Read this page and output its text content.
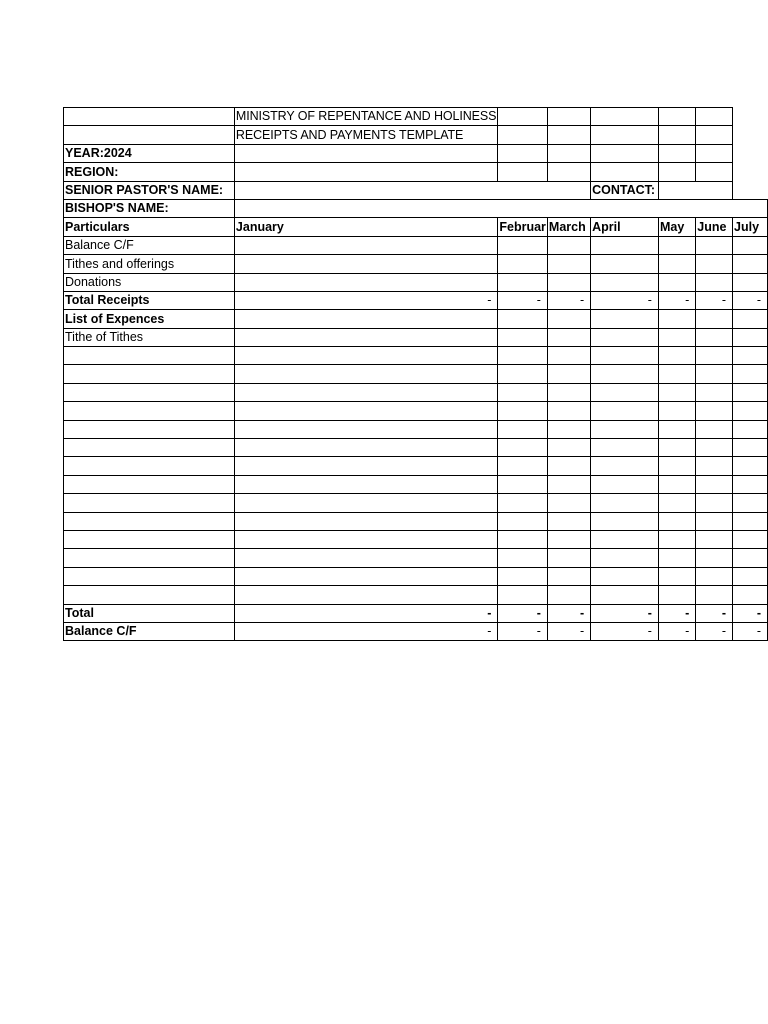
	MINISTRY OF REPENTANCE AND HOLINESS						
	RECEIPTS AND PAYMENTS TEMPLATE						
YEAR:2024							
REGION:							
SENIOR PASTOR'S NAME:				CONTACT:			
BISHOP'S NAME:							
Particulars	January	Februar	March	April	May	June	July
Balance C/F							
Tithes and offerings							
Donations							
Total Receipts	-	-	-	-	-	-	-
List of Expences							
Tithe of Tithes							

Total	-	-	-	-	-	-	-
Balance C/F	-	-	-	-	-	-	-
